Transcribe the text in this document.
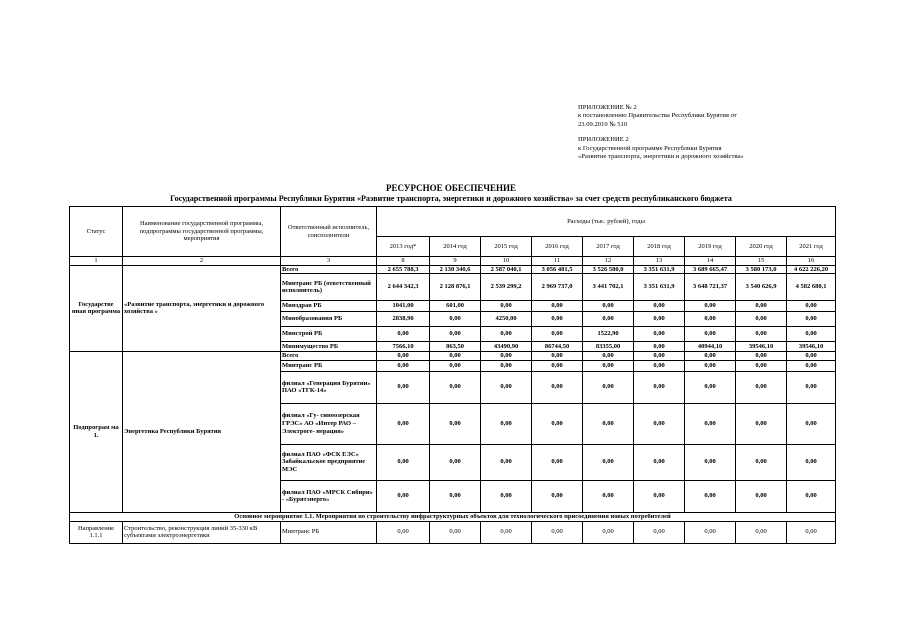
ПРИЛОЖЕНИЕ № 2
к постановлению Правительства Республики Бурятия от
23.09.2019 № 510
ПРИЛОЖЕНИЕ 2
к Государственной программе Республики Бурятия
«Развитие транспорта, энергетики и дорожного хозяйства»
РЕСУРСНОЕ ОБЕСПЕЧЕНИЕ
Государственной программы Республики Бурятия «Развитие транспорта, энергетики и дорожного хозяйства» за счет средств республиканского бюджета
Статус	Наименование государственной программы, подпрограммы государственной программы, мероприятия	Ответственный исполнитель, соисполнители	Расходы (тыс. рублей), годы								
			2013 год*	2014 год	2015 год	2016 год	2017 год	2018 год	2019 год	2020 год	2021 год
1	2	3	8	9	10	11	12	13	14	15	16
Государстве нная программа	«Развитие транспорта, энергетики и дорожного хозяйства »	Всего	2 655 788,3	2 130 340,6	2 587 040,1	3 056 481,5	3 526 580,0	3 351 631,9	3 689 665,47	3 580 173,0	4 622 226,20
		Минтранс РБ (ответственный исполнитель)	2 644 342,3	2 128 876,1	2 539 299,2	2 969 737,0	3 441 702,1	3 351 631,9	3 648 721,37	3 540 626,9	4 582 680,1
		Минздрав РБ	1041,00	601,00	0,00	0,00	0,00	0,00	0,00	0,00	0,00
		Минобразования РБ	2838,90	0,00	4250,00	0,00	0,00	0,00	0,00	0,00	0,00
		Минстрой РБ	0,00	0,00	0,00	0,00	1522,90	0,00	0,00	0,00	0,00
		Минимущество РБ	7566,10	863,50	43490,90	86744,50	83355,00	0,00	40944,10	39546,10	39546,10
Подпрограм ма 1.	Энергетика Республики Бурятия	Всего	0,00	0,00	0,00	0,00	0,00	0,00	0,00	0,00	0,00
		Минтранс РБ	0,00	0,00	0,00	0,00	0,00	0,00	0,00	0,00	0,00
		филиал «Генерация Бурятии» ПАО «ТГК-14»	0,00	0,00	0,00	0,00	0,00	0,00	0,00	0,00	0,00
		филиал «Гу- синоозерская ГРЭС» АО «Интер РАО – Электроге- нерация»	0,00	0,00	0,00	0,00	0,00	0,00	0,00	0,00	0,00
		филиал ПАО «ФСК ЕЭС» Забайкальское предприятие МЭС	0,00	0,00	0,00	0,00	0,00	0,00	0,00	0,00	0,00
		филиал ПАО «МРСК Сибири» - «Бурятэнерго»	0,00	0,00	0,00	0,00	0,00	0,00	0,00	0,00	0,00
Основное мероприятие 1.1. Мероприятия по строительству инфраструктурных объектов для технологического присоединения новых потребителей											
Направление 1.1.1	Строительство, реконструкция линий 35-330 кВ субъектами электроэнергетики	Минтранс РБ	0,00	0,00	0,00	0,00	0,00	0,00	0,00	0,00	0,00
